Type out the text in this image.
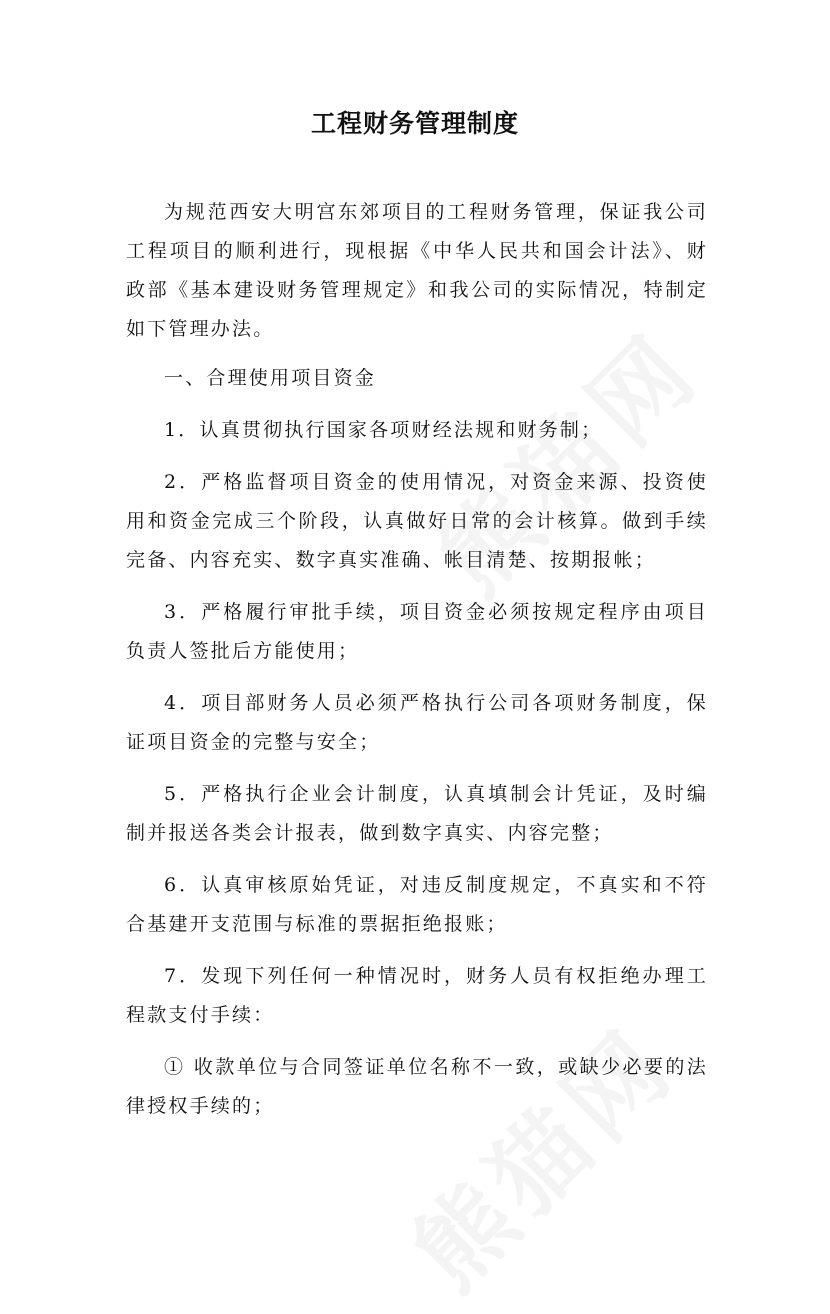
工程财务管理制度

为规范西安大明宫东郊项目的工程财务管理，保证我公司工程项目的顺利进行，现根据《中华人民共和国会计法》、财政部《基本建设财务管理规定》和我公司的实际情况，特制定如下管理办法。

一、合理使用项目资金

1．认真贯彻执行国家各项财经法规和财务制；

2．严格监督项目资金的使用情况，对资金来源、投资使用和资金完成三个阶段，认真做好日常的会计核算。做到手续完备、内容充实、数字真实准确、帐目清楚、按期报帐；

3．严格履行审批手续，项目资金必须按规定程序由项目负责人签批后方能使用；

4．项目部财务人员必须严格执行公司各项财务制度，保证项目资金的完整与安全；

5．严格执行企业会计制度，认真填制会计凭证，及时编制并报送各类会计报表，做到数字真实、内容完整；

6．认真审核原始凭证，对违反制度规定，不真实和不符合基建开支范围与标准的票据拒绝报账；

7．发现下列任何一种情况时，财务人员有权拒绝办理工程款支付手续：

① 收款单位与合同签证单位名称不一致，或缺少必要的法律授权手续的；
